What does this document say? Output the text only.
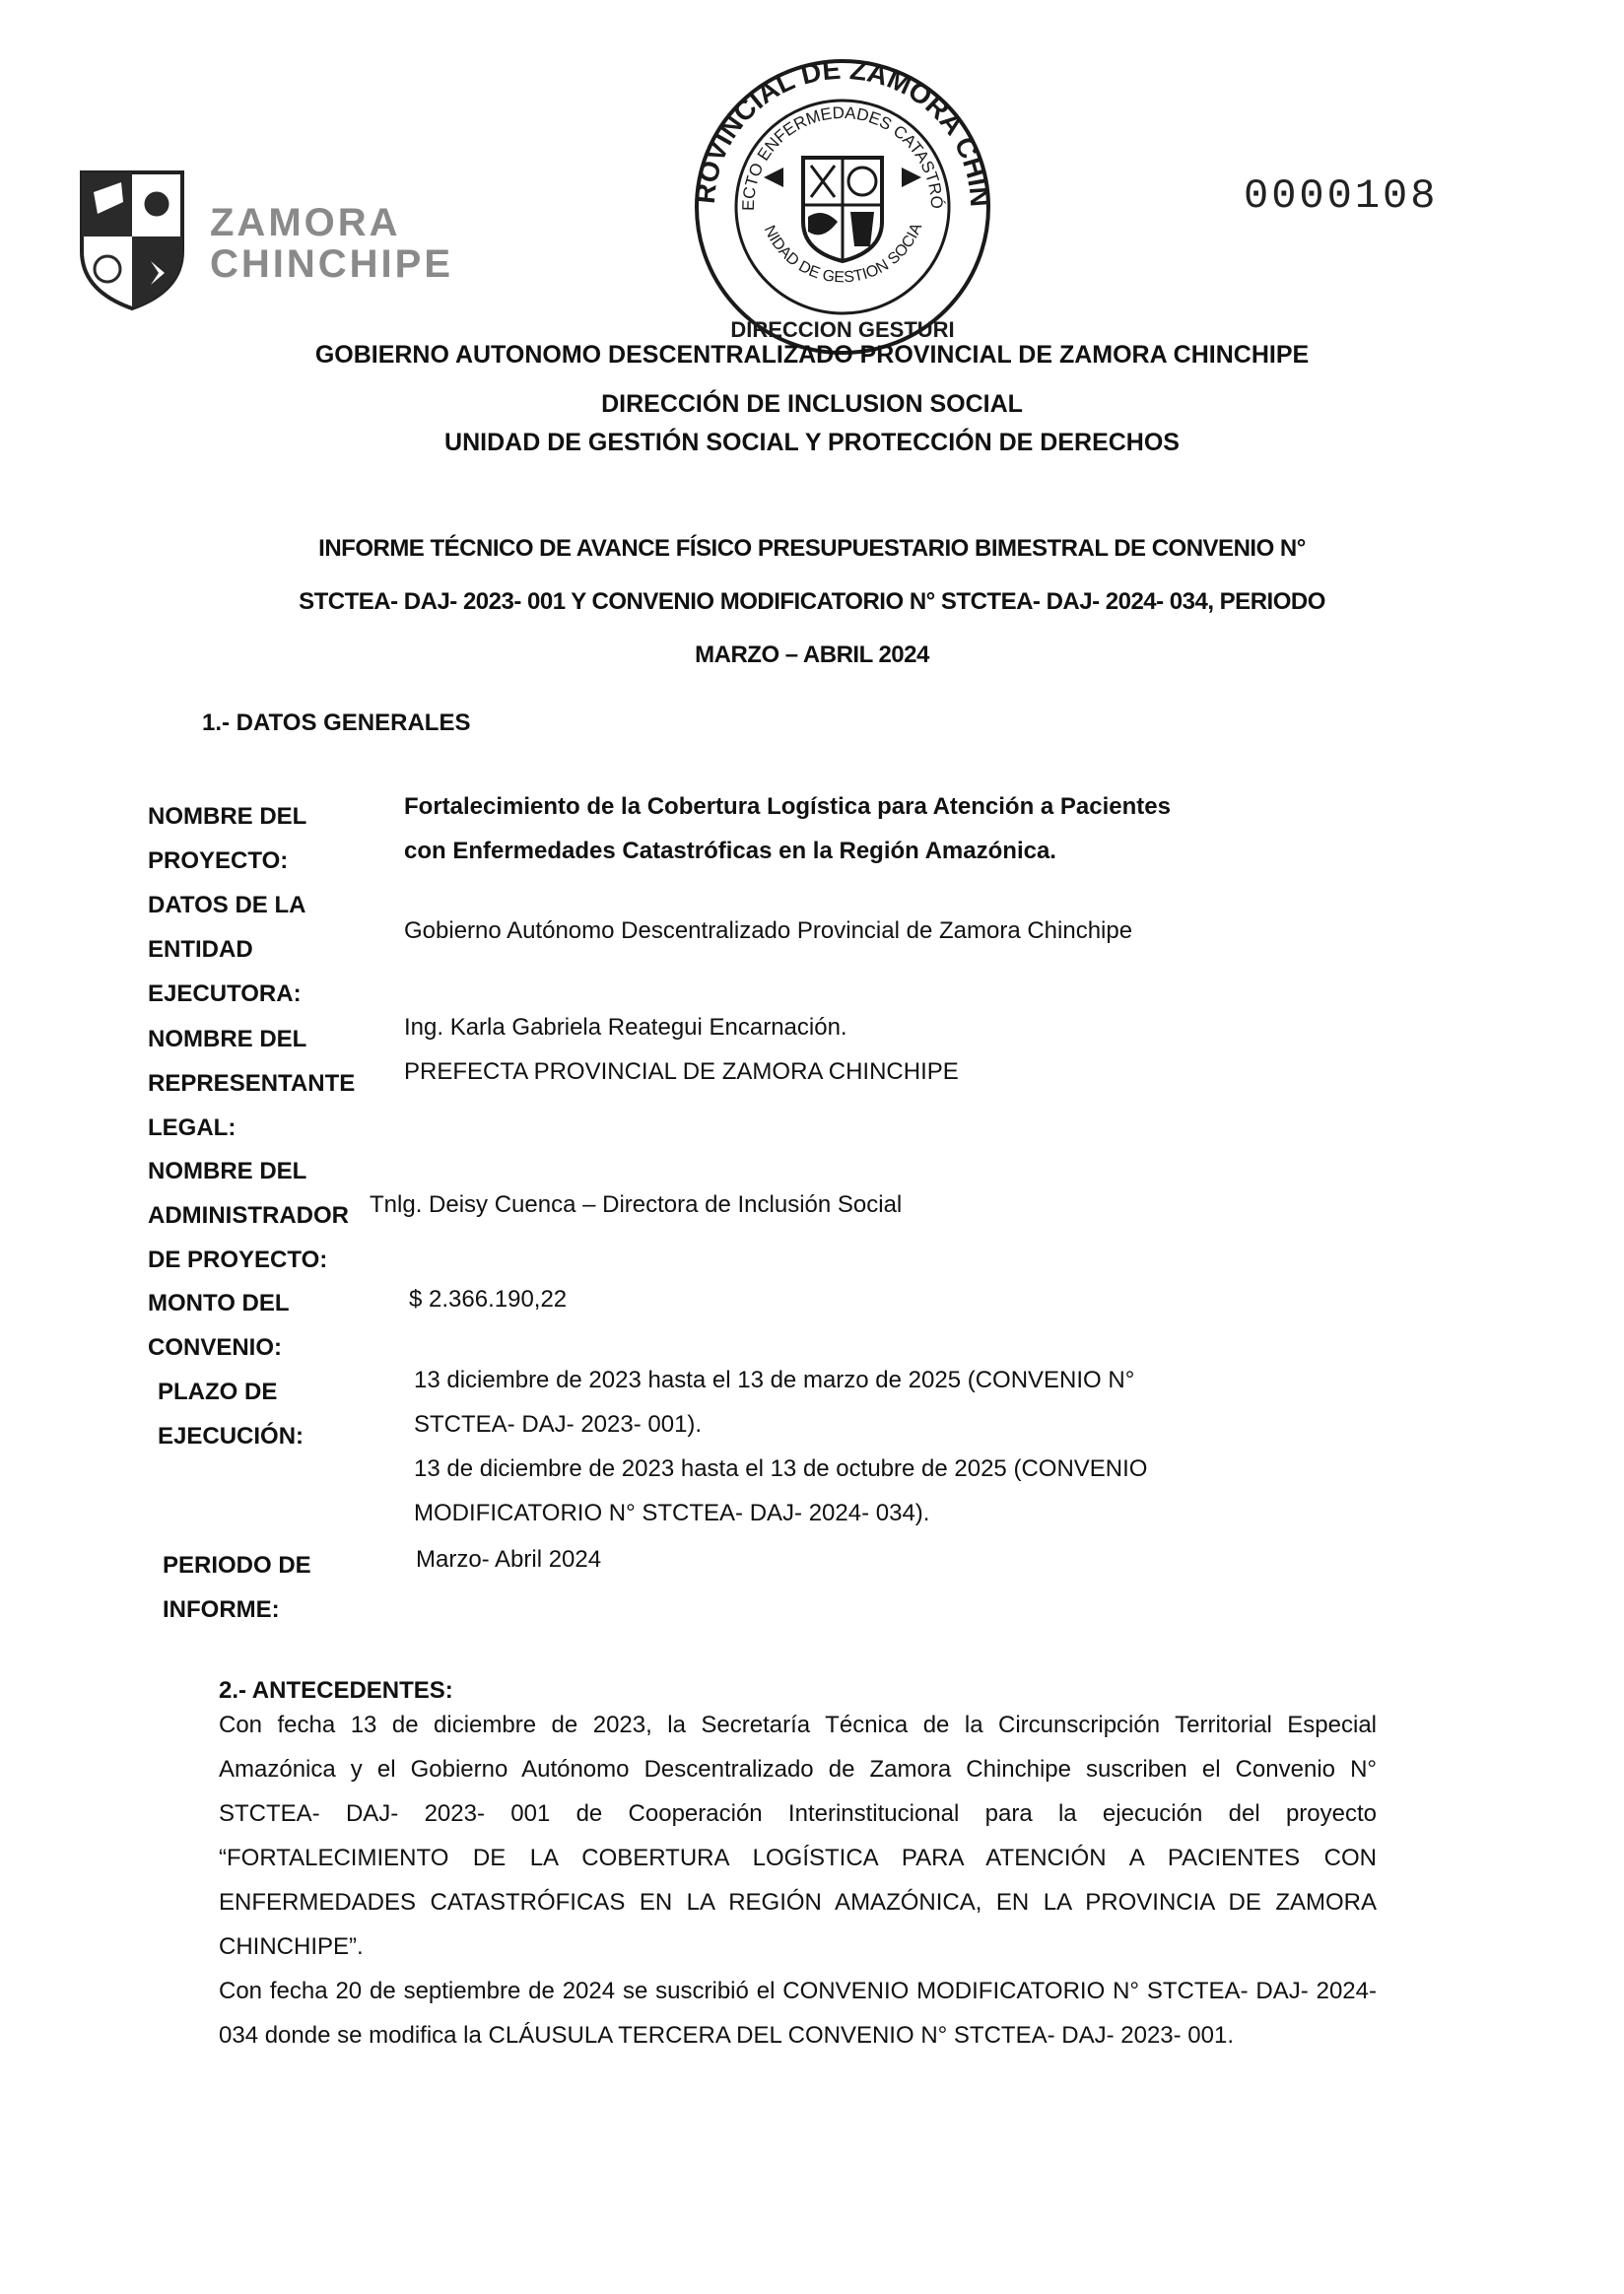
ZAMORA
CHINCHIPE
ROVINCIAL DE ZAMORA CHIN
ECTO ENFERMEDADES CATASTRÓ
NIDAD DE GESTION SOCIA
DIRECCION GESTURI
0000108
GOBIERNO AUTONOMO DESCENTRALIZADO PROVINCIAL DE ZAMORA CHINCHIPE
DIRECCIÓN DE INCLUSION SOCIAL
UNIDAD DE GESTIÓN SOCIAL Y PROTECCIÓN DE DERECHOS
INFORME TÉCNICO DE AVANCE FÍSICO PRESUPUESTARIO BIMESTRAL DE CONVENIO N°
STCTEA- DAJ- 2023- 001 Y CONVENIO MODIFICATORIO N° STCTEA- DAJ- 2024- 034, PERIODO
MARZO – ABRIL 2024
1.- DATOS GENERALES
NOMBRE DEL
PROYECTO:
Fortalecimiento de la Cobertura Logística para Atención a Pacientes
con Enfermedades Catastróficas en la Región Amazónica.
DATOS DE LA
ENTIDAD
EJECUTORA:
Gobierno Autónomo Descentralizado Provincial de Zamora Chinchipe
NOMBRE DEL
REPRESENTANTE
LEGAL:
Ing. Karla Gabriela Reategui Encarnación.
PREFECTA PROVINCIAL DE ZAMORA CHINCHIPE
NOMBRE DEL
ADMINISTRADOR
DE PROYECTO:
Tnlg. Deisy Cuenca – Directora de Inclusión Social
MONTO DEL
CONVENIO:
$ 2.366.190,22
PLAZO DE
EJECUCIÓN:
13 diciembre de 2023 hasta el 13 de marzo de 2025 (CONVENIO N°
STCTEA- DAJ- 2023- 001).
13 de diciembre de 2023 hasta el 13 de octubre de 2025 (CONVENIO
MODIFICATORIO N° STCTEA- DAJ- 2024- 034).
PERIODO DE
INFORME:
Marzo- Abril 2024
2.- ANTECEDENTES:

Con fecha 13 de diciembre de 2023, la Secretaría Técnica de la Circunscripción Territorial Especial Amazónica y el Gobierno Autónomo Descentralizado de Zamora Chinchipe suscriben el Convenio N° STCTEA- DAJ- 2023- 001 de Cooperación Interinstitucional para la ejecución del proyecto “FORTALECIMIENTO DE LA COBERTURA LOGÍSTICA PARA ATENCIÓN A PACIENTES CON ENFERMEDADES CATASTRÓFICAS EN LA REGIÓN AMAZÓNICA, EN LA PROVINCIA DE ZAMORA CHINCHIPE”.

Con fecha 20 de septiembre de 2024 se suscribió el CONVENIO MODIFICATORIO N° STCTEA- DAJ- 2024- 034 donde se modifica la CLÁUSULA TERCERA DEL CONVENIO N° STCTEA- DAJ- 2023- 001.
